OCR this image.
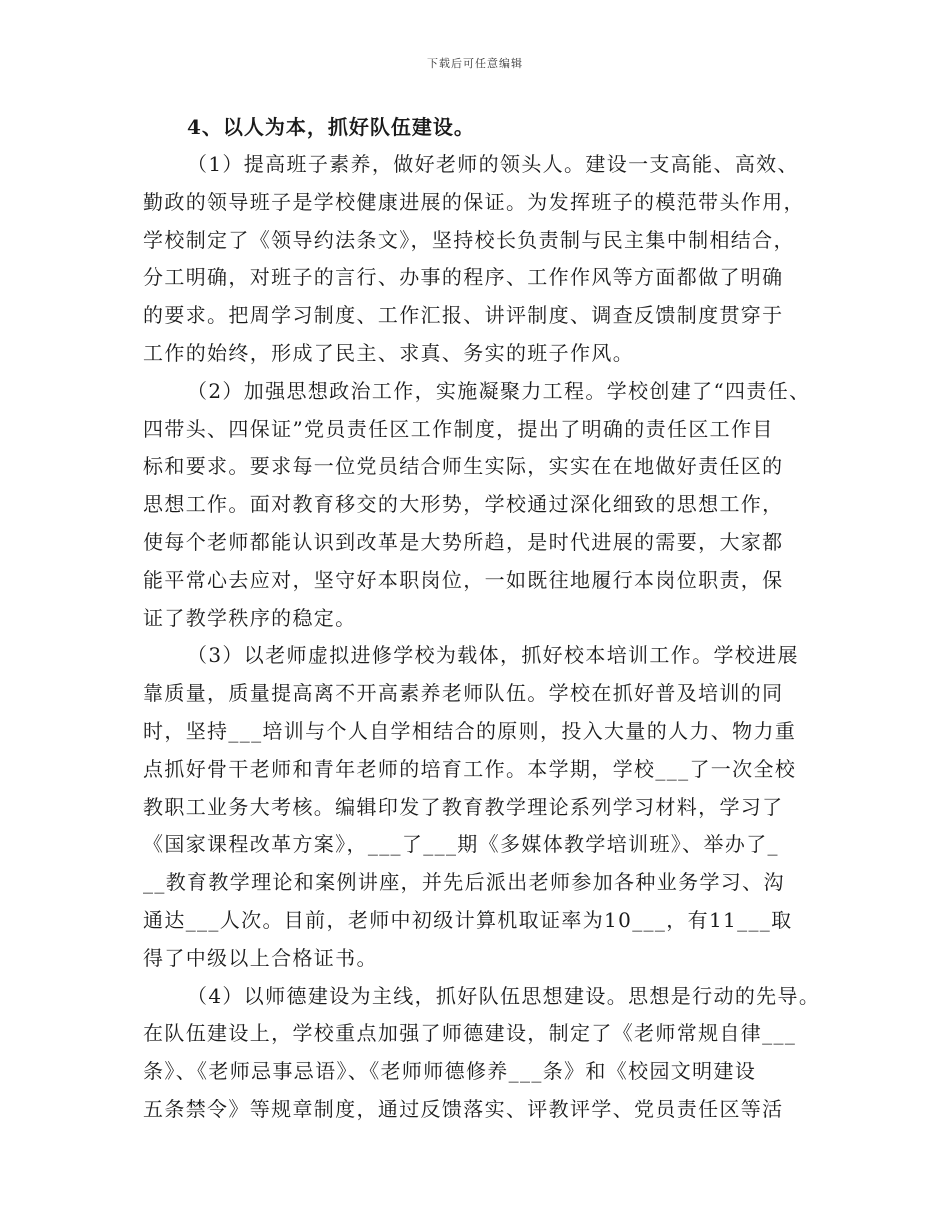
下载后可任意编辑
4、以人为本，抓好队伍建设。

（1）提高班子素养，做好老师的领头人。建设一支高能、高效、
勤政的领导班子是学校健康进展的保证。为发挥班子的模范带头作用，
学校制定了《领导约法条文》，坚持校长负责制与民主集中制相结合，
分工明确，对班子的言行、办事的程序、工作作风等方面都做了明确
的要求。把周学习制度、工作汇报、讲评制度、调查反馈制度贯穿于
工作的始终，形成了民主、求真、务实的班子作风。

（2）加强思想政治工作，实施凝聚力工程。学校创建了“四责任、
四带头、四保证”党员责任区工作制度，提出了明确的责任区工作目
标和要求。要求每一位党员结合师生实际，实实在在地做好责任区的
思想工作。面对教育移交的大形势，学校通过深化细致的思想工作，
使每个老师都能认识到改革是大势所趋，是时代进展的需要，大家都
能平常心去应对，坚守好本职岗位，一如既往地履行本岗位职责，保
证了教学秩序的稳定。

（3）以老师虚拟进修学校为载体，抓好校本培训工作。学校进展
靠质量，质量提高离不开高素养老师队伍。学校在抓好普及培训的同
时，坚持___培训与个人自学相结合的原则，投入大量的人力、物力重
点抓好骨干老师和青年老师的培育工作。本学期，学校___了一次全校
教职工业务大考核。编辑印发了教育教学理论系列学习材料，学习了
《国家课程改革方案》，___了___期《多媒体教学培训班》、举办了_
__教育教学理论和案例讲座，并先后派出老师参加各种业务学习、沟
通达___人次。目前，老师中初级计算机取证率为10___，有11___取
得了中级以上合格证书。

（4）以师德建设为主线，抓好队伍思想建设。思想是行动的先导。
在队伍建设上，学校重点加强了师德建设，制定了《老师常规自律___
条》、《老师忌事忌语》、《老师师德修养___条》和《校园文明建设
五条禁令》等规章制度，通过反馈落实、评教评学、党员责任区等活
